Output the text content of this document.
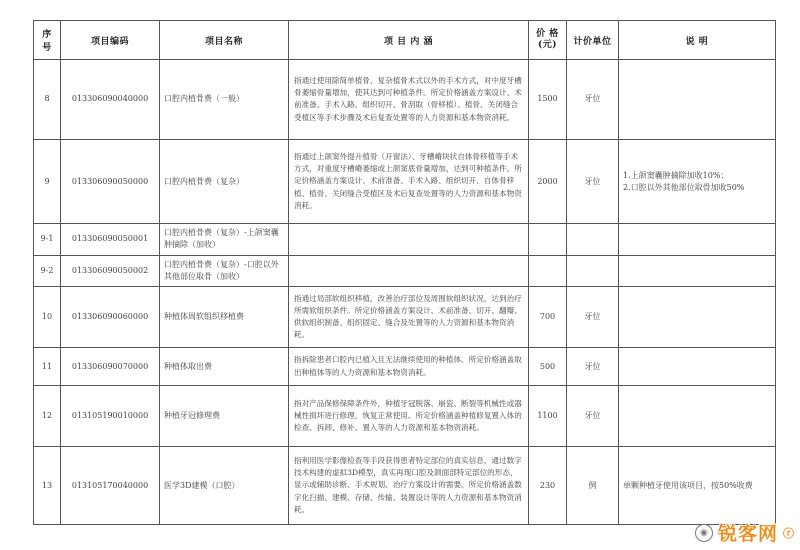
序号	项目编码	项目名称	项 目 内 涵	价 格
(元)	计价单位	说 明
8	013306090040000	口腔内植骨费（一般）	指通过使用除简单植骨、复杂植骨术式以外的手术方式，对中度牙槽骨萎缩骨量增加，使其达到可种植条件。所定价格涵盖方案设计、术前准备、手术入路、组织切开、骨刮取（骨移植）、植骨、关闭缝合受植区等手术步骤及术后复查处置等的人力资源和基本物资消耗。	1500	牙位	
9	013306090050000	口腔内植骨费（复杂）	指通过上颌窦外提升植骨（开窗法）、牙槽嵴块状自体骨移植等手术方式，对重度牙槽嵴萎缩或上颌窦底骨量增加，达到可种植条件。所定价格涵盖方案设计、术前准备、手术入路、组织切开、自体骨移植、植骨、关闭缝合受植区及术后复查处置等的人力资源和基本物资消耗。	2000	牙位	1.上颌窦囊肿摘除加收10%；
2.口腔以外其他部位取骨加收50%
9-1	013306090050001	口腔内植骨费（复杂）-上颌窦囊肿摘除（加收）				
9-2	013306090050002	口腔内植骨费（复杂）-口腔以外其他部位取骨（加收）				
10	013306090060000	种植体周软组织移植费	指通过局部软组织移植，改善治疗部位及周围软组织状况，达到治疗所需软组织条件。所定价格涵盖方案设计、术前准备、切开、翻瓣、供软组织制备、组织固定、缝合及处置等的人力资源和基本物资消耗。	700	牙位	
11	013306090070000	种植体取出费	指拆除患者口腔内已植入且无法继续使用的种植体。所定价格涵盖取出种植体等的人力资源和基本物资消耗。	500	牙位	
12	013105190010000	种植牙冠修理费	指对产品保修保障条件外，种植牙冠脱落、崩瓷、断裂等机械性或器械性损坏进行修理，恢复正常使用。所定价格涵盖种植修复置入体的检查、拆卸、修补、置入等的人力资源和基本物资消耗。	1100	牙位	
13	013105170040000	医学3D建模（口腔）	指利用医学影像检查等手段获得患者特定部位的真实信息，通过数字技术构建的虚拟3D模型，真实再现口腔及颌面部特定部位的形态，显示或辅助诊断、手术规划、治疗方案设计的需要。所定价格涵盖数字化扫描、建模、存储、传输、装置设计等的人力资源和基本物资消耗。	230	例	单颗种植牙使用该项目，按50%收费
◉ 锐客网 ⓡ
